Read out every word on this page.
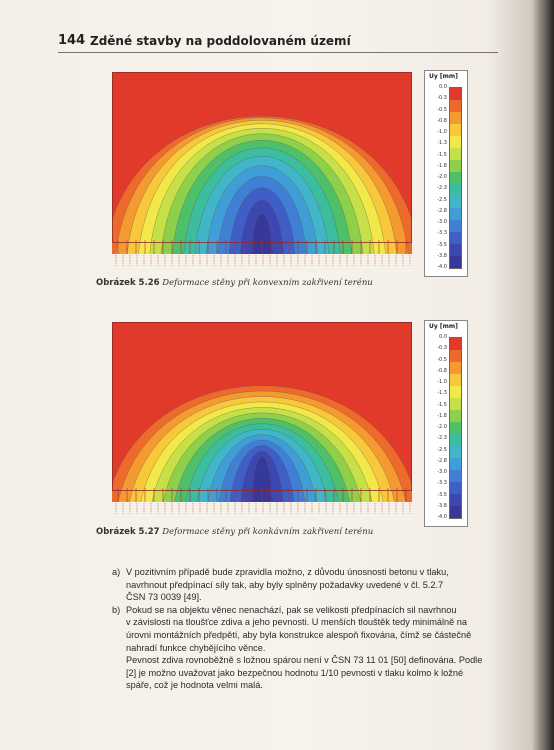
144 Zděné stavby na poddolovaném území
Uy [mm]
0.0
-0.3
-0.5
-0.8
-1.0
-1.3
-1.5
-1.8
-2.0
-2.3
-2.5
-2.8
-3.0
-3.3
-3.5
-3.8
-4.0
Obrázek 5.26 Deformace stěny při konvexním zakřivení terénu
Uy [mm]
0.0
-0.3
-0.5
-0.8
-1.0
-1.3
-1.5
-1.8
-2.0
-2.3
-2.5
-2.8
-3.0
-3.3
-3.5
-3.8
-4.0
Obrázek 5.27 Deformace stěny při konkávním zakřivení terénu
a) V pozitivním případě bude zpravidla možno, z důvodu únosnosti betonu v tlaku,
navrhnout předpínací síly tak, aby byly splněny požadavky uvedené v čl. 5.2.7
ČSN 73 0039 [49].
b) Pokud se na objektu věnec nenachází, pak se velikosti předpínacích sil navrhnou
v závislosti na tloušťce zdiva a jeho pevnosti. U menších tlouštěk tedy minimálně na
úrovni montážních předpětí, aby byla konstrukce alespoň fixována, čímž se částečně
nahradí funkce chybějícího věnce.
Pevnost zdiva rovnoběžně s ložnou spárou není v ČSN 73 11 01 [50] definována. Podle
[2] je možno uvažovat jako bezpečnou hodnotu 1/10 pevnosti v tlaku kolmo k ložné
spáře, což je hodnota velmi malá.
